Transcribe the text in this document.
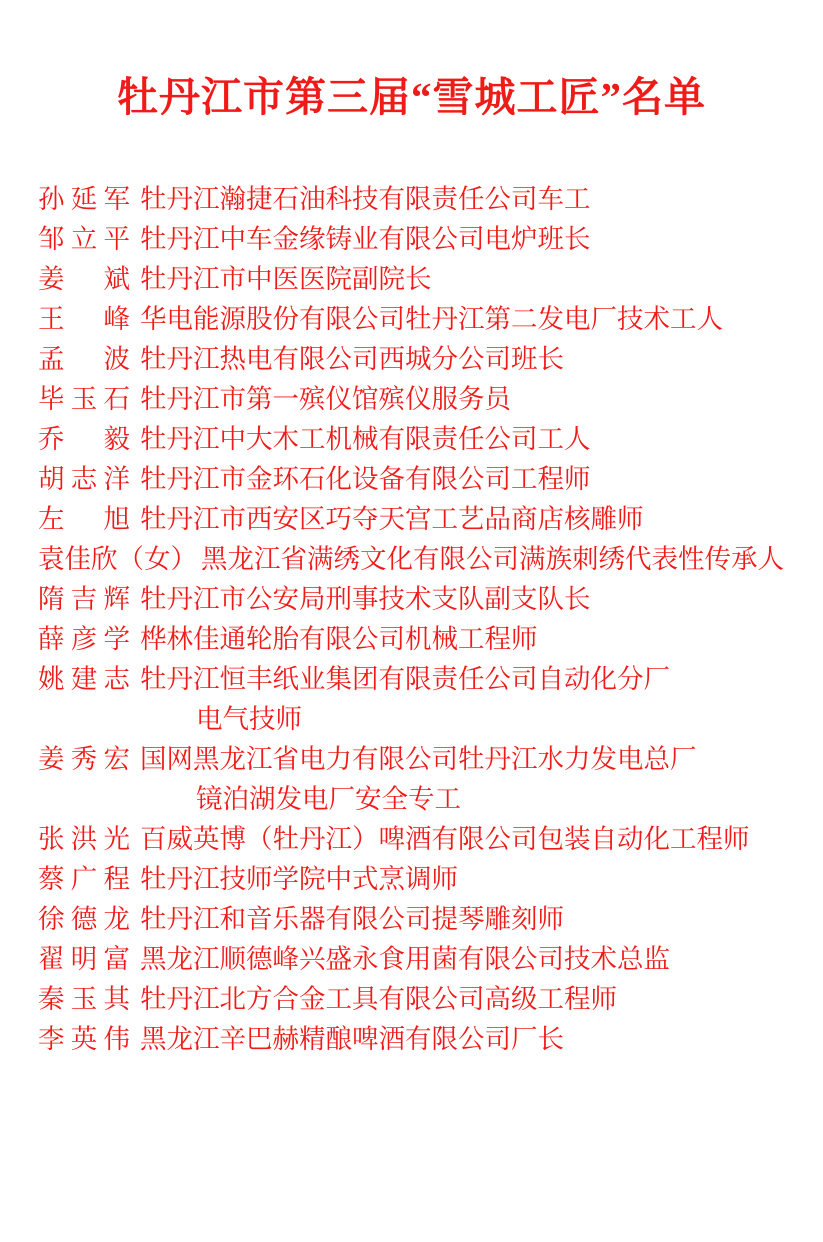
牡丹江市第三届“雪城工匠”名单
孙延军 牡丹江瀚捷石油科技有限责任公司车工
邹立平 牡丹江中车金缘铸业有限公司电炉班长
姜　斌 牡丹江市中医医院副院长
王　峰 华电能源股份有限公司牡丹江第二发电厂技术工人
孟　波 牡丹江热电有限公司西城分公司班长
毕玉石 牡丹江市第一殡仪馆殡仪服务员
乔　毅 牡丹江中大木工机械有限责任公司工人
胡志洋 牡丹江市金环石化设备有限公司工程师
左　旭 牡丹江市西安区巧夺天宫工艺品商店核雕师
袁佳欣（女） 黑龙江省满绣文化有限公司满族刺绣代表性传承人
隋吉辉 牡丹江市公安局刑事技术支队副支队长
薛彦学 桦林佳通轮胎有限公司机械工程师
姚建志 牡丹江恒丰纸业集团有限责任公司自动化分厂
电气技师
姜秀宏 国网黑龙江省电力有限公司牡丹江水力发电总厂
镜泊湖发电厂安全专工
张洪光 百威英博（牡丹江）啤酒有限公司包装自动化工程师
蔡广程 牡丹江技师学院中式烹调师
徐德龙 牡丹江和音乐器有限公司提琴雕刻师
翟明富 黑龙江顺德峰兴盛永食用菌有限公司技术总监
秦玉其 牡丹江北方合金工具有限公司高级工程师
李英伟 黑龙江辛巴赫精酿啤酒有限公司厂长
